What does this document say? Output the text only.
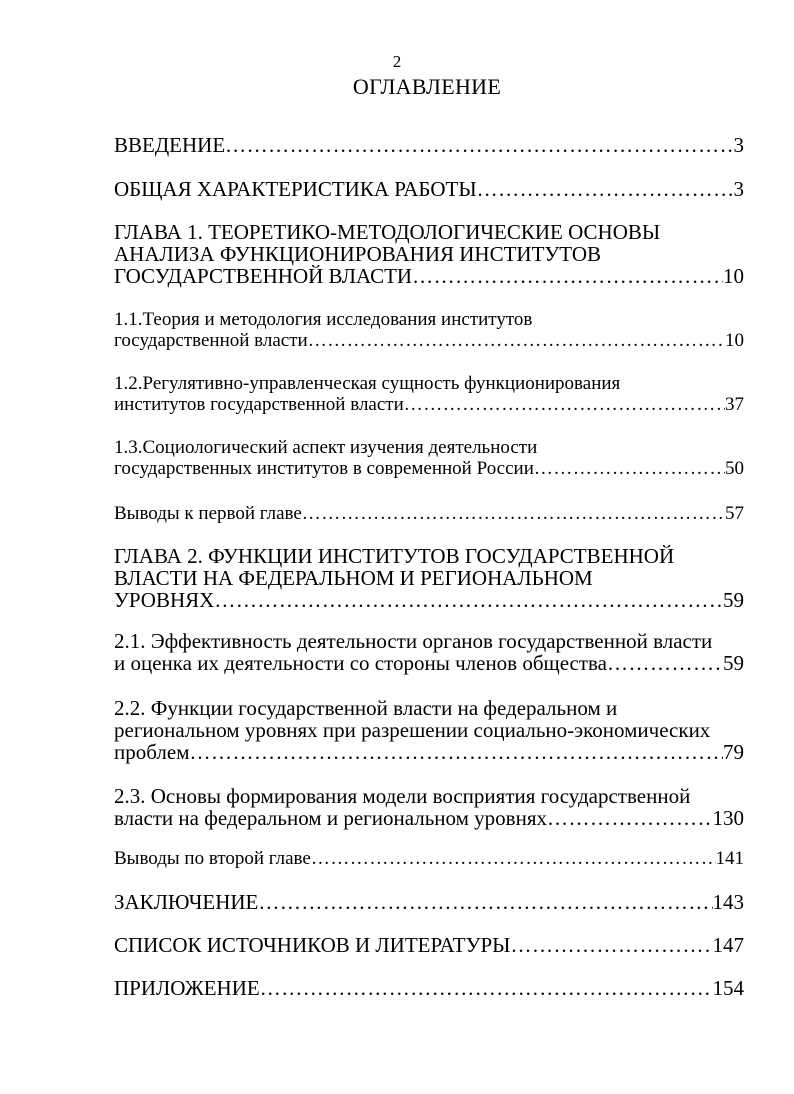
2
ОГЛАВЛЕНИЕ
ВВЕДЕНИЕ …………………………………………………………………………………………………………………………………	3
ОБЩАЯ ХАРАКТЕРИСТИКА РАБОТЫ …………………………………………………………………………………………………………………………………	3
ГЛАВА 1. ТЕОРЕТИКО-МЕТОДОЛОГИЧЕСКИЕ ОСНОВЫ
АНАЛИЗА ФУНКЦИОНИРОВАНИЯ ИНСТИТУТОВ
ГОСУДАРСТВЕННОЙ ВЛАСТИ …………………………………………………………………………………………………………………………………	10
1.1.Теория и методология исследования институтов
государственной власти …………………………………………………………………………………………………………………………………	10
1.2.Регулятивно-управленческая сущность функционирования
институтов государственной власти …………………………………………………………………………………………………………………………………	37
1.3.Социологический аспект изучения деятельности
государственных институтов в современной России …………………………………………………………………………………………………………………………………	50
Выводы к первой главе …………………………………………………………………………………………………………………………………	57
ГЛАВА 2. ФУНКЦИИ ИНСТИТУТОВ ГОСУДАРСТВЕННОЙ
ВЛАСТИ НА ФЕДЕРАЛЬНОМ И РЕГИОНАЛЬНОМ
УРОВНЯХ …………………………………………………………………………………………………………………………………	59
2.1. Эффективность деятельности органов государственной власти
и оценка их деятельности со стороны членов общества …………………………………………………………………………………………………………………………………	59
2.2. Функции государственной власти на федеральном и
региональном уровнях при разрешении социально-экономических
проблем …………………………………………………………………………………………………………………………………	79
2.3. Основы формирования модели восприятия государственной
власти на федеральном и региональном уровнях …………………………………………………………………………………………………………………………………	130
Выводы по второй главе …………………………………………………………………………………………………………………………………	141
ЗАКЛЮЧЕНИЕ …………………………………………………………………………………………………………………………………	143
СПИСОК ИСТОЧНИКОВ И ЛИТЕРАТУРЫ …………………………………………………………………………………………………………………………………	147
ПРИЛОЖЕНИЕ …………………………………………………………………………………………………………………………………	154
